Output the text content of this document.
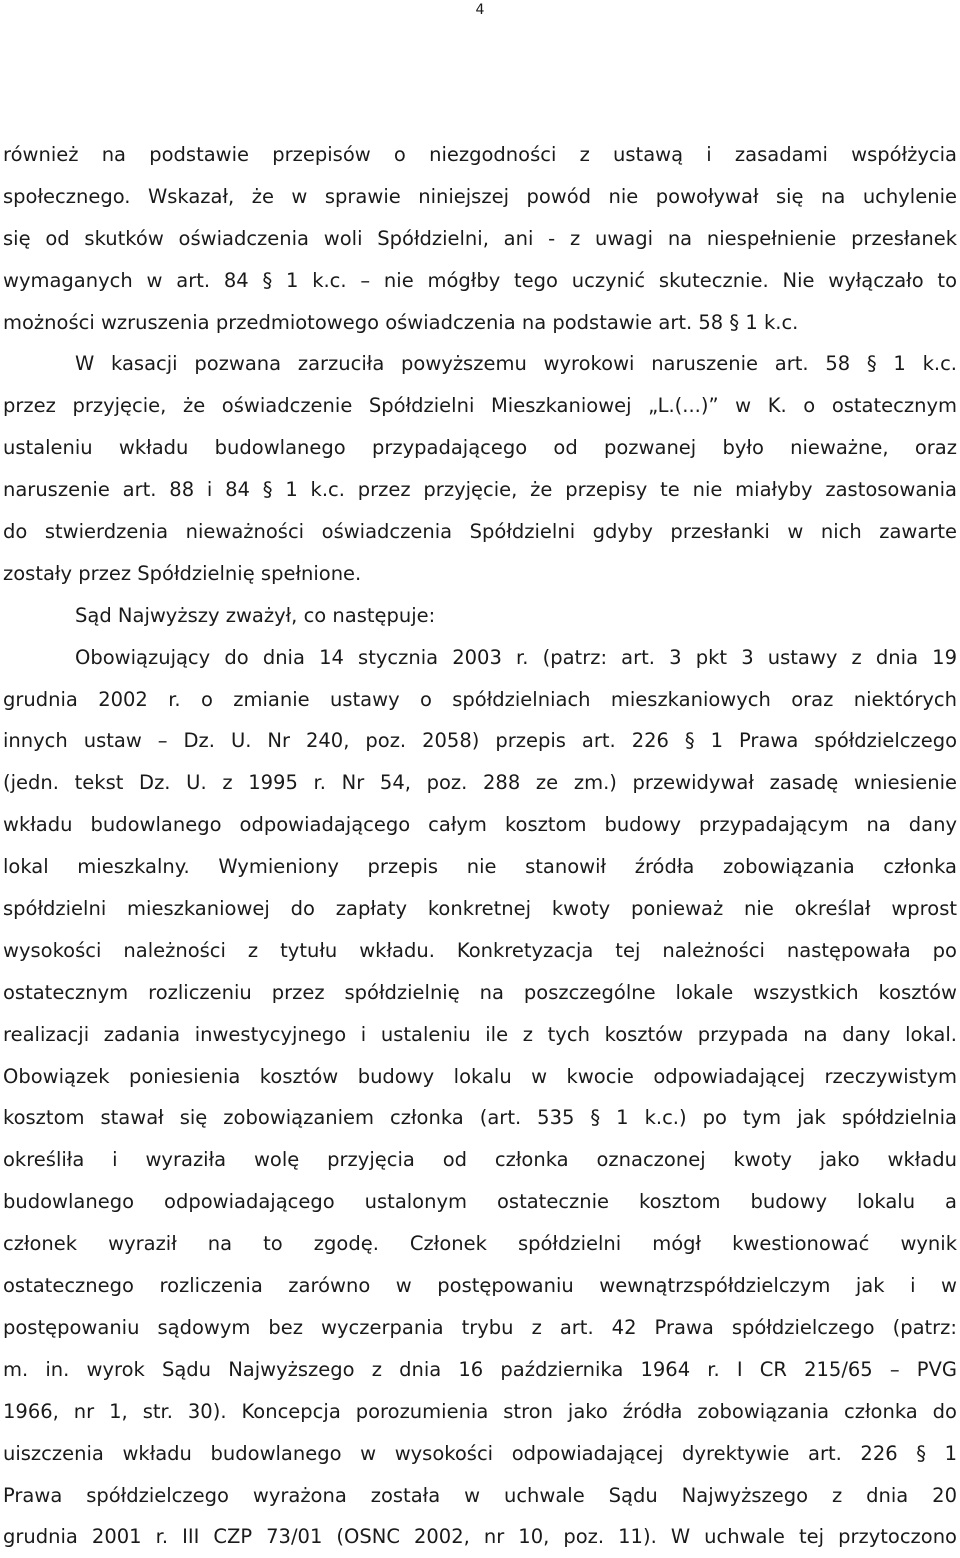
4
również na podstawie przepisów o niezgodności z ustawą i zasadami współżycia
społecznego. Wskazał, że w sprawie niniejszej powód nie powoływał się na uchylenie
się od skutków oświadczenia woli Spółdzielni, ani - z uwagi na niespełnienie przesłanek
wymaganych w art. 84 § 1 k.c. – nie mógłby tego uczynić skutecznie. Nie wyłączało to
możności wzruszenia przedmiotowego oświadczenia na podstawie art. 58 § 1 k.c.
W kasacji pozwana zarzuciła powyższemu wyrokowi naruszenie art. 58 § 1 k.c.
przez przyjęcie, że oświadczenie Spółdzielni Mieszkaniowej „L.(...)” w K. o ostatecznym
ustaleniu wkładu budowlanego przypadającego od pozwanej było nieważne, oraz
naruszenie art. 88 i 84 § 1 k.c. przez przyjęcie, że przepisy te nie miałyby zastosowania
do stwierdzenia nieważności oświadczenia Spółdzielni gdyby przesłanki w nich zawarte
zostały przez Spółdzielnię spełnione.
Sąd Najwyższy zważył, co następuje:
Obowiązujący do dnia 14 stycznia 2003 r. (patrz: art. 3 pkt 3 ustawy z dnia 19
grudnia 2002 r. o zmianie ustawy o spółdzielniach mieszkaniowych oraz niektórych
innych ustaw – Dz. U. Nr 240, poz. 2058) przepis art. 226 § 1 Prawa spółdzielczego
(jedn. tekst Dz. U. z 1995 r. Nr 54, poz. 288 ze zm.) przewidywał zasadę wniesienie
wkładu budowlanego odpowiadającego całym kosztom budowy przypadającym na dany
lokal mieszkalny. Wymieniony przepis nie stanowił źródła zobowiązania członka
spółdzielni mieszkaniowej do zapłaty konkretnej kwoty ponieważ nie określał wprost
wysokości należności z tytułu wkładu. Konkretyzacja tej należności następowała po
ostatecznym rozliczeniu przez spółdzielnię na poszczególne lokale wszystkich kosztów
realizacji zadania inwestycyjnego i ustaleniu ile z tych kosztów przypada na dany lokal.
Obowiązek poniesienia kosztów budowy lokalu w kwocie odpowiadającej rzeczywistym
kosztom stawał się zobowiązaniem członka (art. 535 § 1 k.c.) po tym jak spółdzielnia
określiła i wyraziła wolę przyjęcia od członka oznaczonej kwoty jako wkładu
budowlanego odpowiadającego ustalonym ostatecznie kosztom budowy lokalu a
członek wyraził na to zgodę. Członek spółdzielni mógł kwestionować wynik
ostatecznego rozliczenia zarówno w postępowaniu wewnątrzspółdzielczym jak i w
postępowaniu sądowym bez wyczerpania trybu z art. 42 Prawa spółdzielczego (patrz:
m. in. wyrok Sądu Najwyższego z dnia 16 października 1964 r. I CR 215/65 – PVG
1966, nr 1, str. 30). Koncepcja porozumienia stron jako źródła zobowiązania członka do
uiszczenia wkładu budowlanego w wysokości odpowiadającej dyrektywie art. 226 § 1
Prawa spółdzielczego wyrażona została w uchwale Sądu Najwyższego z dnia 20
grudnia 2001 r. III CZP 73/01 (OSNC 2002, nr 10, poz. 11). W uchwale tej przytoczono
